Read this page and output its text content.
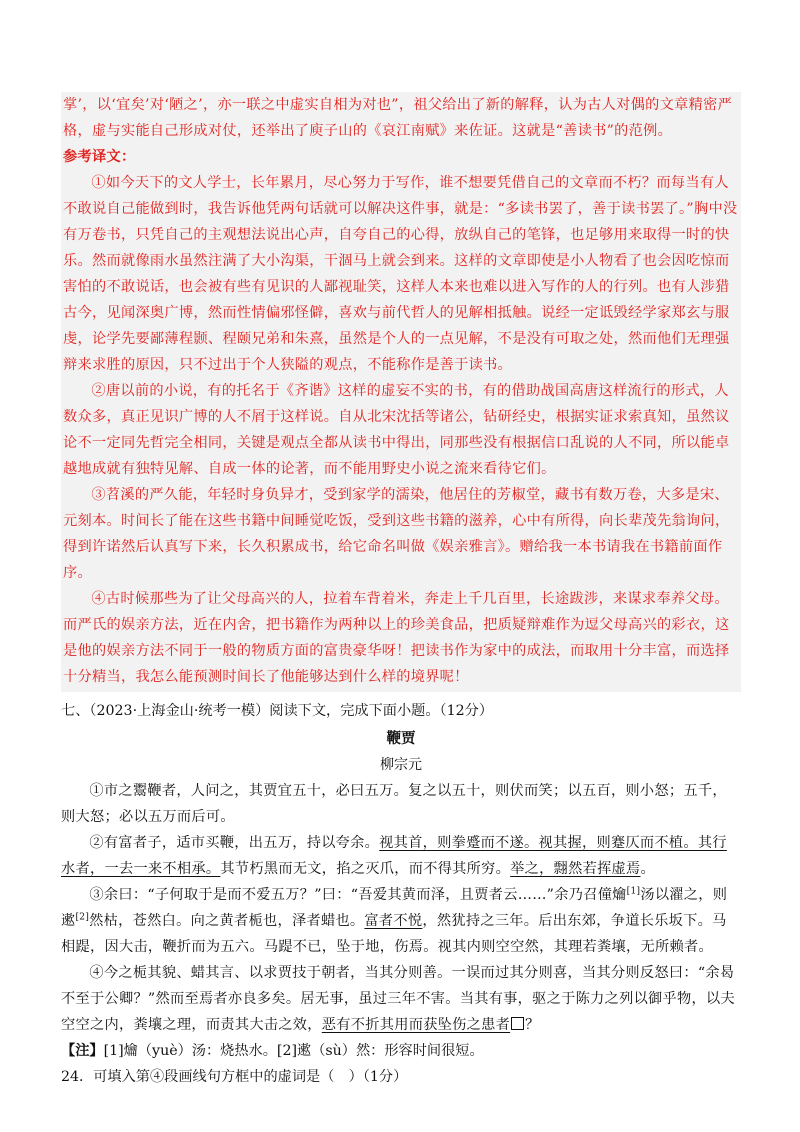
掌’，以‘宜矣’对‘陋之’，亦一联之中虚实自相为对也”，祖父给出了新的解释，认为古人对偶的文章精密严格，虚与实能自己形成对仗，还举出了庾子山的《哀江南赋》来佐证。这就是“善读书”的范例。

参考译文：

①如今天下的文人学士，长年累月，尽心努力于写作，谁不想要凭借自己的文章而不朽？而每当有人不敢说自己能做到时，我告诉他凭两句话就可以解决这件事，就是：“多读书罢了，善于读书罢了。”胸中没有万卷书，只凭自己的主观想法说出心声，自夸自己的心得，放纵自己的笔锋，也足够用来取得一时的快乐。然而就像雨水虽然注满了大小沟渠，干涸马上就会到来。这样的文章即使是小人物看了也会因吃惊而害怕的不敢说话，也会被有些有见识的人鄙视耻笑，这样人本来也难以进入写作的人的行列。也有人涉猎古今，见闻深奥广博，然而性情偏邪怪僻，喜欢与前代哲人的见解相抵触。说经一定诋毁经学家郑玄与服虔，论学先要鄙薄程颢、程颐兄弟和朱熹，虽然是个人的一点见解，不是没有可取之处，然而他们无理强辩来求胜的原因，只不过出于个人狭隘的观点，不能称作是善于读书。

②唐以前的小说，有的托名于《齐谐》这样的虚妄不实的书，有的借助战国高唐这样流行的形式，人数众多，真正见识广博的人不屑于这样说。自从北宋沈括等诸公，钻研经史，根据实证求索真知，虽然议论不一定同先哲完全相同，关键是观点全都从读书中得出，同那些没有根据信口乱说的人不同，所以能卓越地成就有独特见解、自成一体的论著，而不能用野史小说之流来看待它们。

③苕溪的严久能，年轻时身负异才，受到家学的濡染，他居住的芳椒堂，藏书有数万卷，大多是宋、元刻本。时间长了能在这些书籍中间睡觉吃饭，受到这些书籍的滋养，心中有所得，向长辈茂先翁询问，得到许诺然后认真写下来，长久积累成书，给它命名叫做《娱亲雅言》。赠给我一本书请我在书籍前面作序。

④古时候那些为了让父母高兴的人，拉着车背着米，奔走上千几百里，长途跋涉，来谋求奉养父母。而严氏的娱亲方法，近在内舍，把书籍作为两种以上的珍美食品，把质疑辩难作为逗父母高兴的彩衣，这是他的娱亲方法不同于一般的物质方面的富贵豪华呀！把读书作为家中的成法，而取用十分丰富，而选择十分精当，我怎么能预测时间长了他能够达到什么样的境界呢！

七、（2023·上海金山·统考一模）阅读下文，完成下面小题。（12分）
鞭贾
柳宗元

①市之鬻鞭者，人问之，其贾宜五十，必曰五万。复之以五十，则伏而笑；以五百，则小怒；五千，则大怒；必以五万而后可。

②有富者子，适市买鞭，出五万，持以夸余。视其首，则拳蹙而不遂。视其握，则蹇仄而不植。其行水者，一去一来不相承。其节朽黑而无文，掐之灭爪，而不得其所穷。举之，翲然若挥虚焉。

③余曰：“子何取于是而不爱五万？”曰：“吾爱其黄而泽，且贾者云……”余乃召僮爚[1]汤以濯之，则遬[2]然枯，苍然白。向之黄者栀也，泽者蜡也。富者不悦，然犹持之三年。后出东郊，争道长乐坂下。马相踶，因大击，鞭折而为五六。马踶不已，坠于地，伤焉。视其内则空空然，其理若粪壤，无所赖者。

④今之栀其貌、蜡其言、以求贾技于朝者，当其分则善。一误而过其分则喜，当其分则反怒曰：“余曷不至于公卿？”然而至焉者亦良多矣。居无事，虽过三年不害。当其有事，驱之于陈力之列以御乎物，以夫空空之内，粪壤之理，而责其大击之效，恶有不折其用而获坠伤之患者 ？

【注】[1]爚（yuè）汤：烧热水。[2]遬（sù）然：形容时间很短。

24．可填入第④段画线句方框中的虚词是（　）（1分）
